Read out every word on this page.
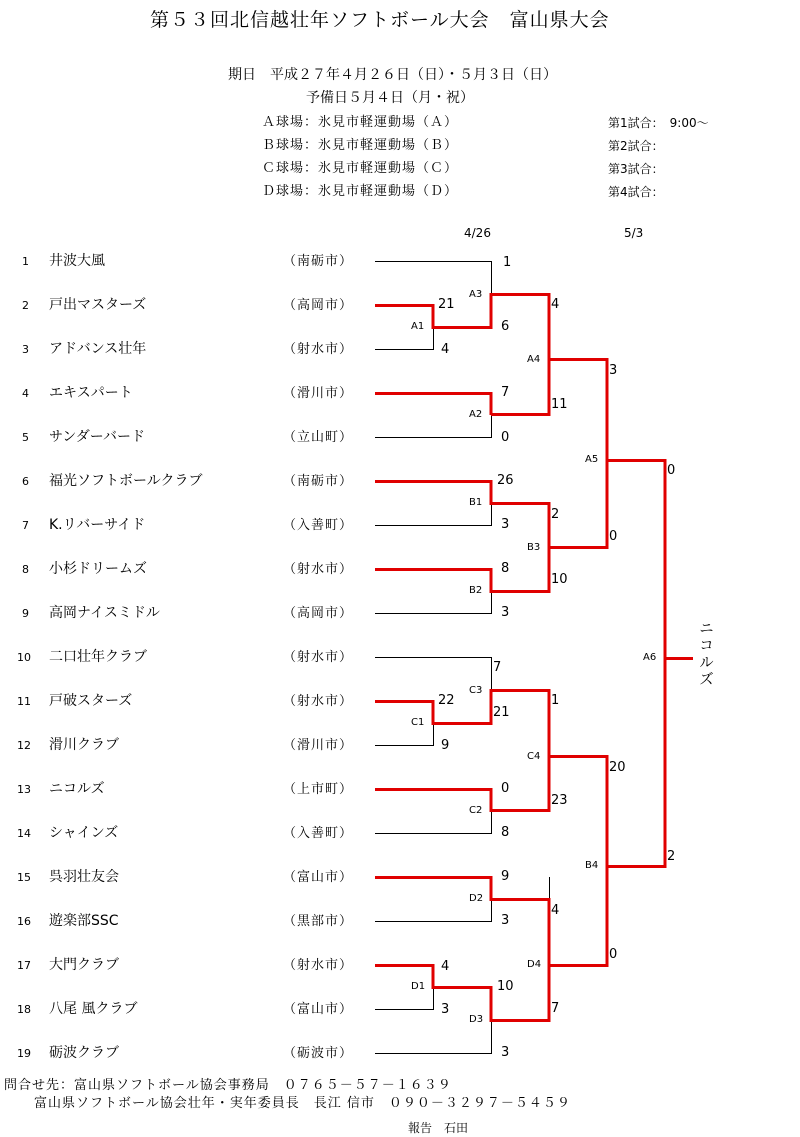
第５３回北信越壮年ソフトボール大会　富山県大会
期日　平成２７年４月２６日（日）・５月３日（日）
予備日５月４日（月・祝）
Ａ球場：氷見市軽運動場（Ａ）
Ｂ球場：氷見市軽運動場（Ｂ）
Ｃ球場：氷見市軽運動場（Ｃ）
Ｄ球場：氷見市軽運動場（Ｄ）
第1試合：　9:00～
第2試合：
第3試合：
第4試合：
4/26	5/3
1 井波大風	（南砺市）
2 戸出マスターズ	（高岡市）
3 アドバンス壮年	（射水市）
4 エキスパート	（滑川市）
5 サンダーバード	（立山町）
6 福光ソフトボールクラブ	（南砺市）
7 K.リバーサイド	（入善町）
8 小杉ドリームズ	（射水市）
9 高岡ナイスミドル	（高岡市）
10 二口壮年クラブ	（射水市）
11 戸破スターズ	（射水市）
12 滑川クラブ	（滑川市）
13 ニコルズ	（上市町）
14 シャインズ	（入善町）
15 呉羽壮友会	（富山市）
16 遊楽部SSC	（黒部市）
17 大門クラブ	（射水市）
18 八尾 風クラブ	（富山市）
19 砺波クラブ	（砺波市）
A1
A2
A3
A4
A5
A6
B1
B2
B3
B4
C1
C2
C3
C4
D1
D2
D3
D4
21
4
7
0
1
6
4
11
3
0
0
2
26
3
8
3
2
10
20
0
22
9
0
8
7
21
1
23
4
3
9
3
10
3
4
7
ニコルズ
問合せ先：富山県ソフトボール協会事務局　０７６５－５７－１６３９
富山県ソフトボール協会壮年・実年委員長　長江 信市　０９０－３２９７－５４５９
報告　石田
